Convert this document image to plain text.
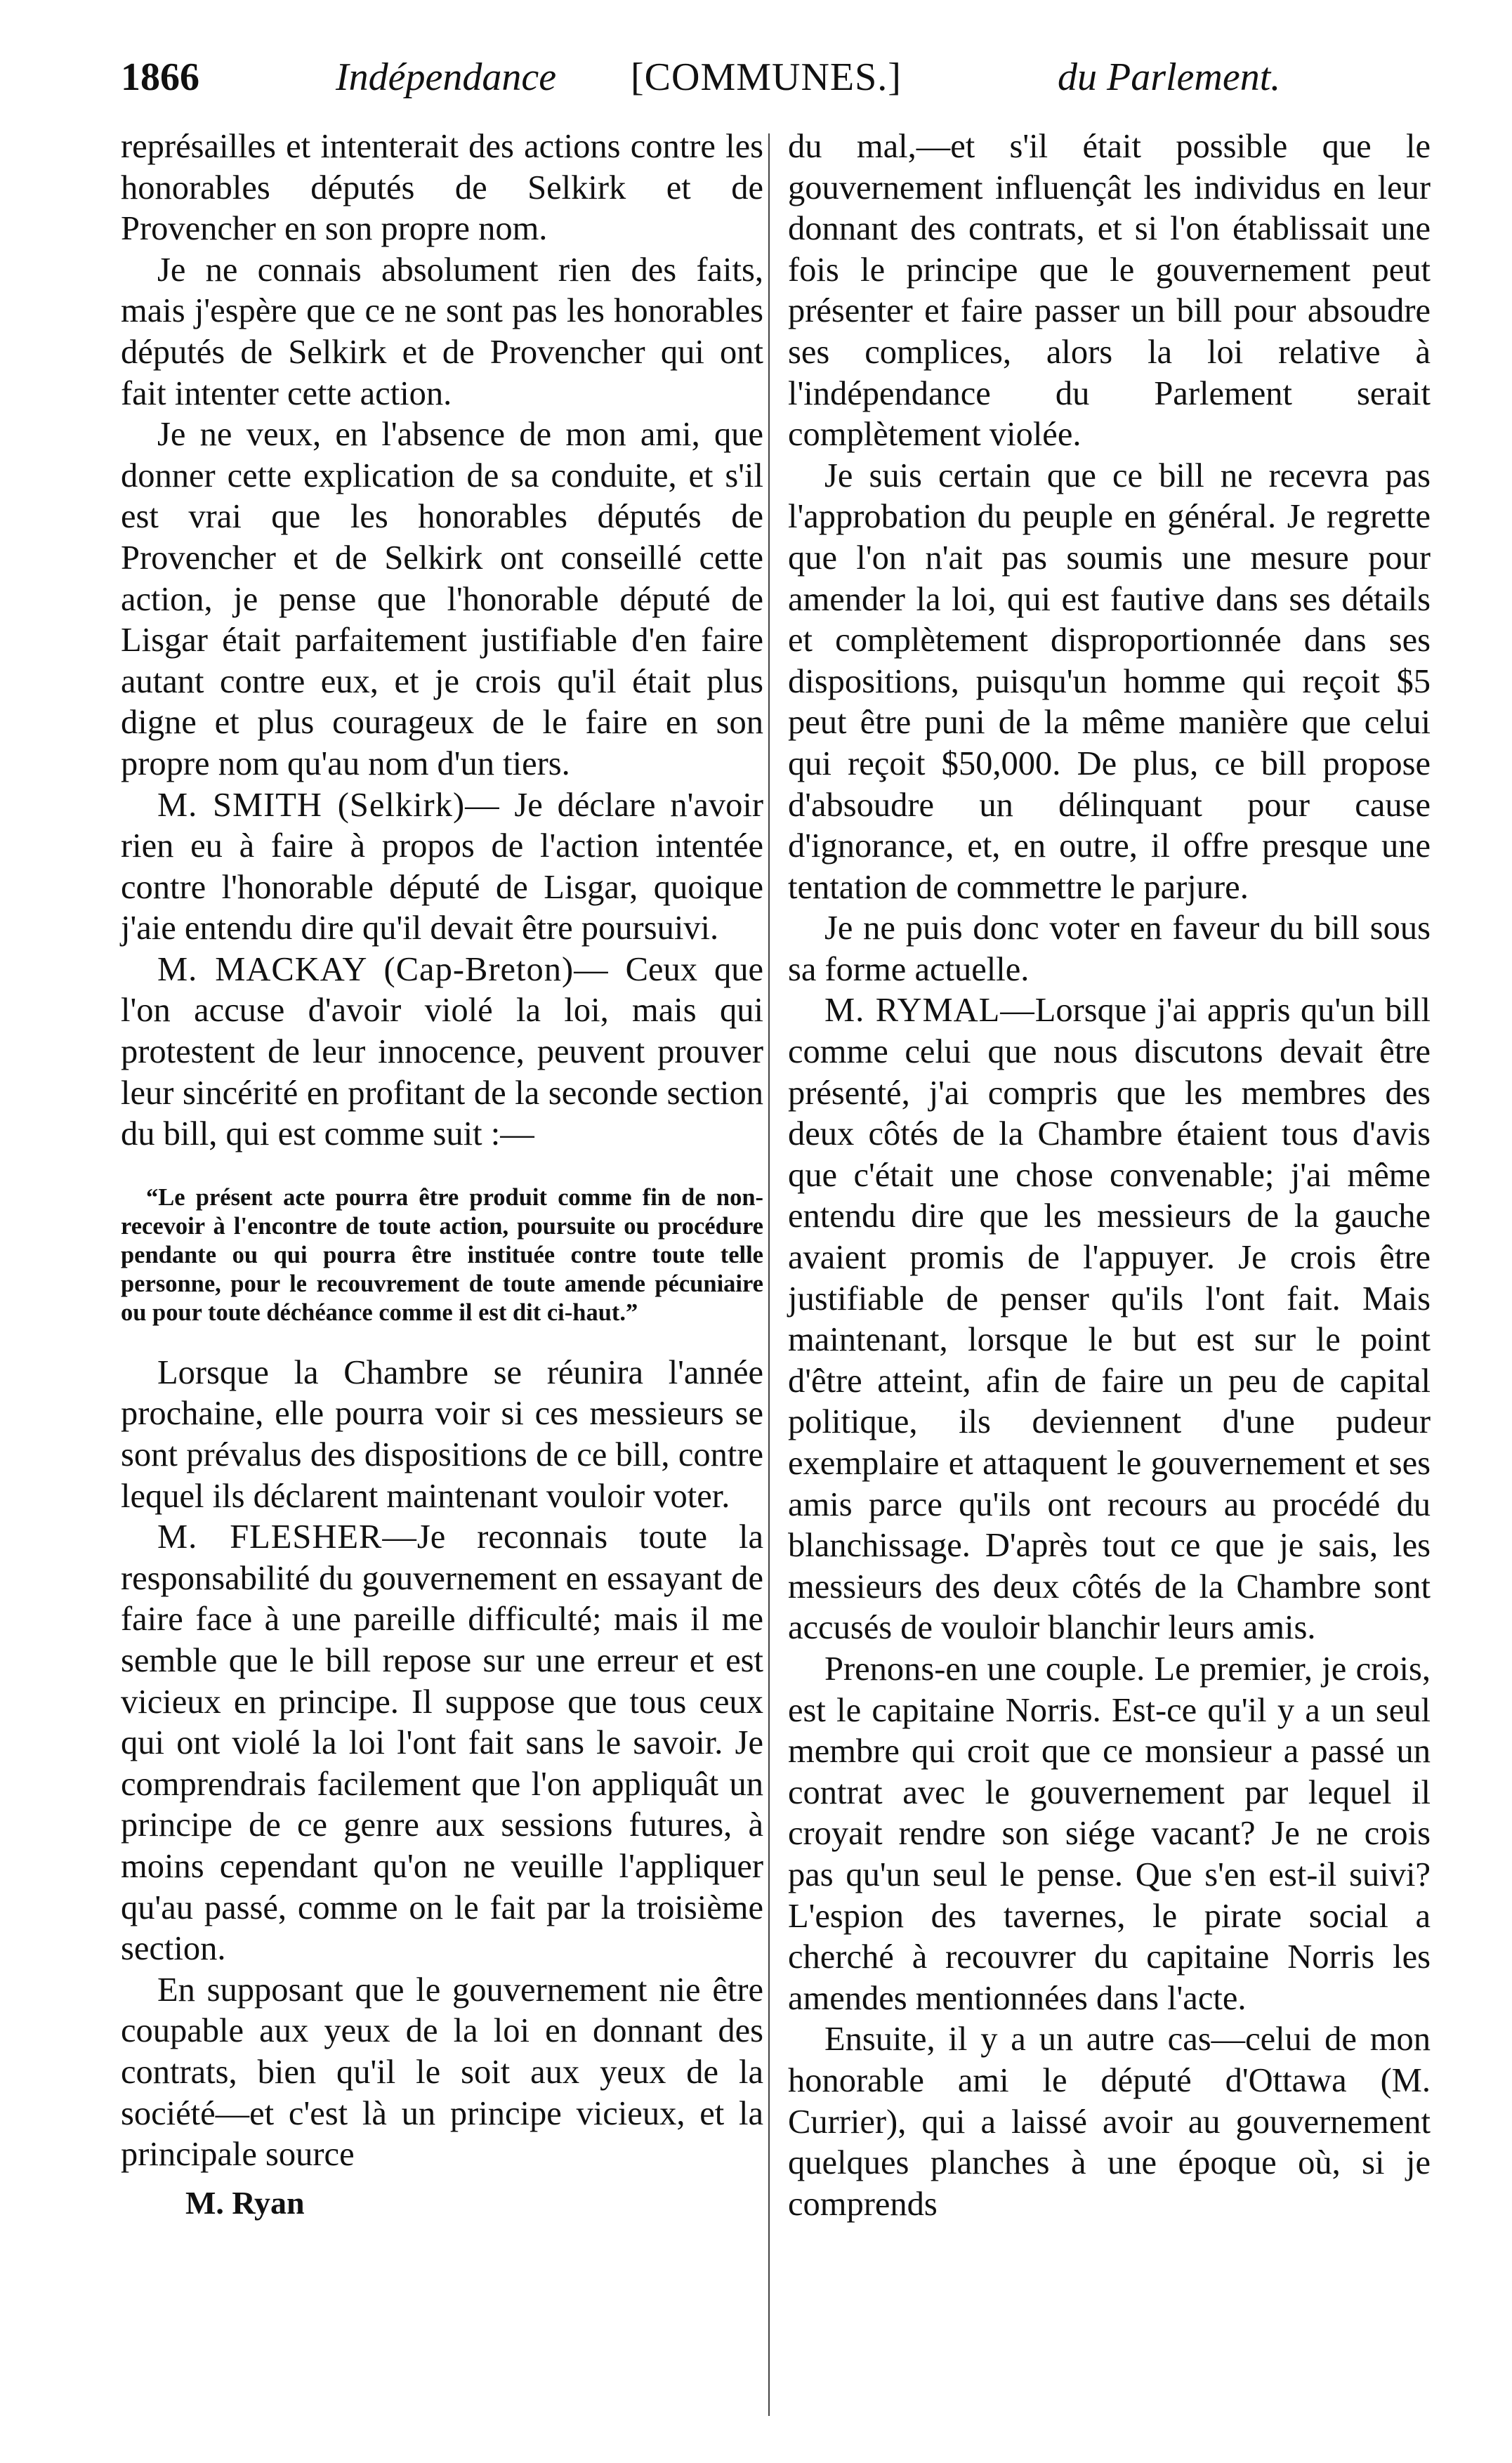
1866	Indépendance [COMMUNES.]	du Parlement.

représailles et intenterait des actions contre les honorables députés de Selkirk et de Provencher en son propre nom.

Je ne connais absolument rien des faits, mais j'espère que ce ne sont pas les honorables députés de Selkirk et de Provencher qui ont fait intenter cette action.

Je ne veux, en l'absence de mon ami, que donner cette explication de sa conduite, et s'il est vrai que les honorables députés de Provencher et de Selkirk ont conseillé cette action, je pense que l'honorable député de Lisgar était parfaitement justifiable d'en faire autant contre eux, et je crois qu'il était plus digne et plus courageux de le faire en son propre nom qu'au nom d'un tiers.

M. SMITH (Selkirk)— Je déclare n'avoir rien eu à faire à propos de l'action intentée contre l'honorable député de Lisgar, quoique j'aie entendu dire qu'il devait être poursuivi.

M. MACKAY (Cap-Breton)— Ceux que l'on accuse d'avoir violé la loi, mais qui protestent de leur innocence, peuvent prouver leur sincérité en profitant de la seconde section du bill, qui est comme suit :—

“Le présent acte pourra être produit comme fin de non-recevoir à l'encontre de toute action, poursuite ou procédure pendante ou qui pourra être instituée contre toute telle personne, pour le recouvrement de toute amende pécuniaire ou pour toute déchéance comme il est dit ci-haut.”

Lorsque la Chambre se réunira l'année prochaine, elle pourra voir si ces messieurs se sont prévalus des dispositions de ce bill, contre lequel ils déclarent maintenant vouloir voter.

M. FLESHER—Je reconnais toute la responsabilité du gouvernement en essayant de faire face à une pareille difficulté; mais il me semble que le bill repose sur une erreur et est vicieux en principe. Il suppose que tous ceux qui ont violé la loi l'ont fait sans le savoir. Je comprendrais facilement que l'on appliquât un principe de ce genre aux sessions futures, à moins cependant qu'on ne veuille l'appliquer qu'au passé, comme on le fait par la troisième section.

En supposant que le gouvernement nie être coupable aux yeux de la loi en donnant des contrats, bien qu'il le soit aux yeux de la société—et c'est là un principe vicieux, et la principale source

M. Ryan

du mal,—et s'il était possible que le gouvernement influençât les individus en leur donnant des contrats, et si l'on établissait une fois le principe que le gouvernement peut présenter et faire passer un bill pour absoudre ses complices, alors la loi relative à l'indépendance du Parlement serait complètement violée.

Je suis certain que ce bill ne recevra pas l'approbation du peuple en général. Je regrette que l'on n'ait pas soumis une mesure pour amender la loi, qui est fautive dans ses détails et complètement disproportionnée dans ses dispositions, puisqu'un homme qui reçoit $5 peut être puni de la même manière que celui qui reçoit $50,000. De plus, ce bill propose d'absoudre un délinquant pour cause d'ignorance, et, en outre, il offre presque une tentation de commettre le parjure.

Je ne puis donc voter en faveur du bill sous sa forme actuelle.

M. RYMAL—Lorsque j'ai appris qu'un bill comme celui que nous discutons devait être présenté, j'ai compris que les membres des deux côtés de la Chambre étaient tous d'avis que c'était une chose convenable; j'ai même entendu dire que les messieurs de la gauche avaient promis de l'appuyer. Je crois être justifiable de penser qu'ils l'ont fait. Mais maintenant, lorsque le but est sur le point d'être atteint, afin de faire un peu de capital politique, ils deviennent d'une pudeur exemplaire et attaquent le gouvernement et ses amis parce qu'ils ont recours au procédé du blanchissage. D'après tout ce que je sais, les messieurs des deux côtés de la Chambre sont accusés de vouloir blanchir leurs amis.

Prenons-en une couple. Le premier, je crois, est le capitaine Norris. Est-ce qu'il y a un seul membre qui croit que ce monsieur a passé un contrat avec le gouvernement par lequel il croyait rendre son siége vacant? Je ne crois pas qu'un seul le pense. Que s'en est-il suivi? L'espion des tavernes, le pirate social a cherché à recouvrer du capitaine Norris les amendes mentionnées dans l'acte.

Ensuite, il y a un autre cas—celui de mon honorable ami le député d'Ottawa (M. Currier), qui a laissé avoir au gouvernement quelques planches à une époque où, si je comprends
